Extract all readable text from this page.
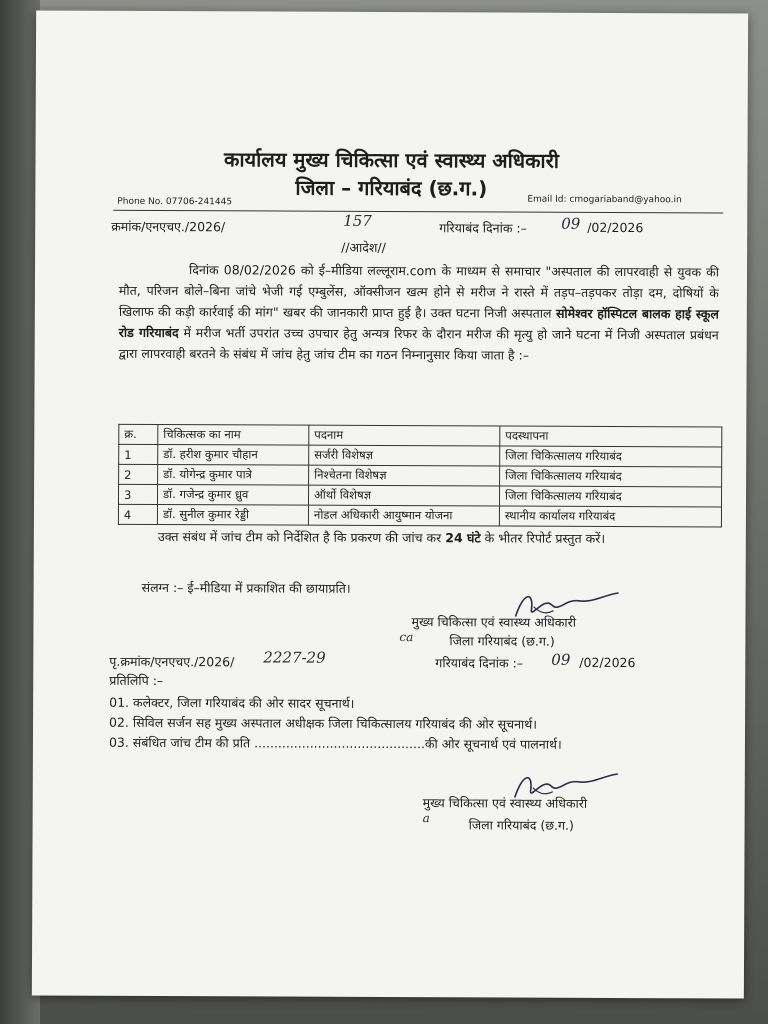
कार्यालय मुख्य चिकित्सा एवं स्वास्थ्य अधिकारी
जिला – गरियाबंद (छ.ग.)
Phone No. 07706-241445	Email Id: cmogariaband@yahoo.in
क्रमांक/एनएचए./2026/	157	गरियाबंद दिनांक :– 09 /02/2026
//आदेश//
दिनांक 08/02/2026 को ई–मीडिया लल्लूराम.com के माध्यम से समाचार "अस्पताल की लापरवाही से युवक की मौत, परिजन बोले–बिना जांचे भेजी गई एम्बुलेंस, ऑक्सीजन खत्म होने से मरीज ने रास्ते में तड़प–तड़पकर तोड़ा दम, दोषियों के खिलाफ की कड़ी कार्रवाई की मांग" खबर की जानकारी प्राप्त हुई है। उक्त घटना निजी अस्पताल सोमेश्वर हॉस्पिटल बालक हाई स्कूल रोड गरियाबंद में मरीज भर्ती उपरांत उच्च उपचार हेतु अन्यत्र रिफर के दौरान मरीज की मृत्यु हो जाने घटना में निजी अस्पताल प्रबंधन द्वारा लापरवाही बरतने के संबंध में जांच हेतु जांच टीम का गठन निम्नानुसार किया जाता है :–
क्र.	चिकित्सक का नाम	पदनाम	पदस्थापना
1	डॉ. हरीश कुमार चौहान	सर्जरी विशेषज्ञ	जिला चिकित्सालय गरियाबंद
2	डॉ. योगेन्द्र कुमार पात्रे	निश्चेतना विशेषज्ञ	जिला चिकित्सालय गरियाबंद
3	डॉ. गजेन्द्र कुमार ध्रुव	ऑर्थो विशेषज्ञ	जिला चिकित्सालय गरियाबंद
4	डॉ. सुनील कुमार रेड्डी	नोडल अधिकारी आयुष्मान योजना	स्थानीय कार्यालय गरियाबंद
उक्त संबंध में जांच टीम को निर्देशित है कि प्रकरण की जांच कर 24 घंटे के भीतर रिपोर्ट प्रस्तुत करें।
संलग्न :– ई–मीडिया में प्रकाशित की छायाप्रति।
मुख्य चिकित्सा एवं स्वास्थ्य अधिकारी
ca	जिला गरियाबंद (छ.ग.)
पृ.क्रमांक/एनएचए./2026/ 2227-29	गरियाबंद दिनांक :– 09 /02/2026
प्रतिलिपि :–
01. कलेक्टर, जिला गरियाबंद की ओर सादर सूचनार्थ।
02. सिविल सर्जन सह मुख्य अस्पताल अधीक्षक जिला चिकित्सालय गरियाबंद की ओर सूचनार्थ।
03. संबंधित जांच टीम की प्रति ...........................................की ओर सूचनार्थ एवं पालनार्थ।
मुख्य चिकित्सा एवं स्वास्थ्य अधिकारी
a	जिला गरियाबंद (छ.ग.)
